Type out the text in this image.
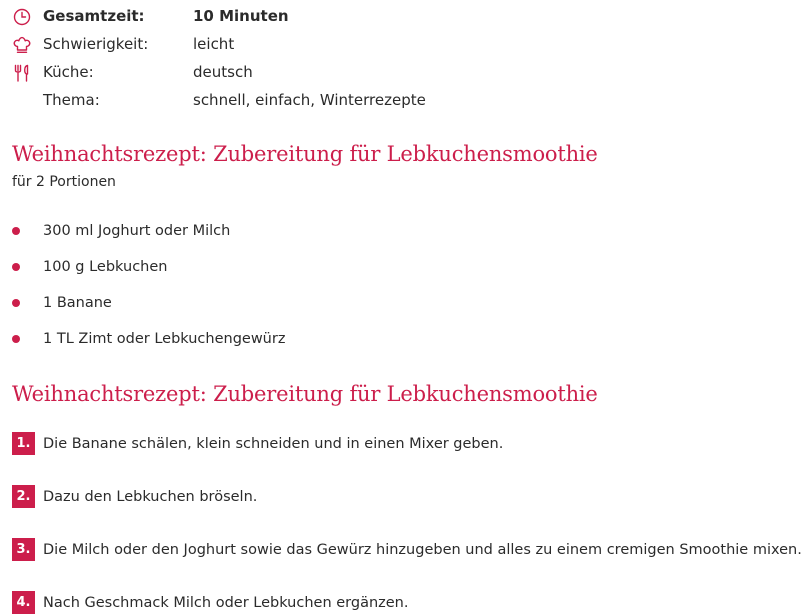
Gesamtzeit:	10 Minuten
Schwierigkeit:	leicht
Küche:	deutsch
Thema:	schnell, einfach, Winterrezepte
Weihnachtsrezept: Zubereitung für Lebkuchensmoothie
für 2 Portionen
300 ml Joghurt oder Milch
100 g Lebkuchen
1 Banane
1 TL Zimt oder Lebkuchengewürz
Weihnachtsrezept: Zubereitung für Lebkuchensmoothie
1. Die Banane schälen, klein schneiden und in einen Mixer geben.
2. Dazu den Lebkuchen bröseln.
3. Die Milch oder den Joghurt sowie das Gewürz hinzugeben und alles zu einem cremigen Smoothie mixen.
4. Nach Geschmack Milch oder Lebkuchen ergänzen.
